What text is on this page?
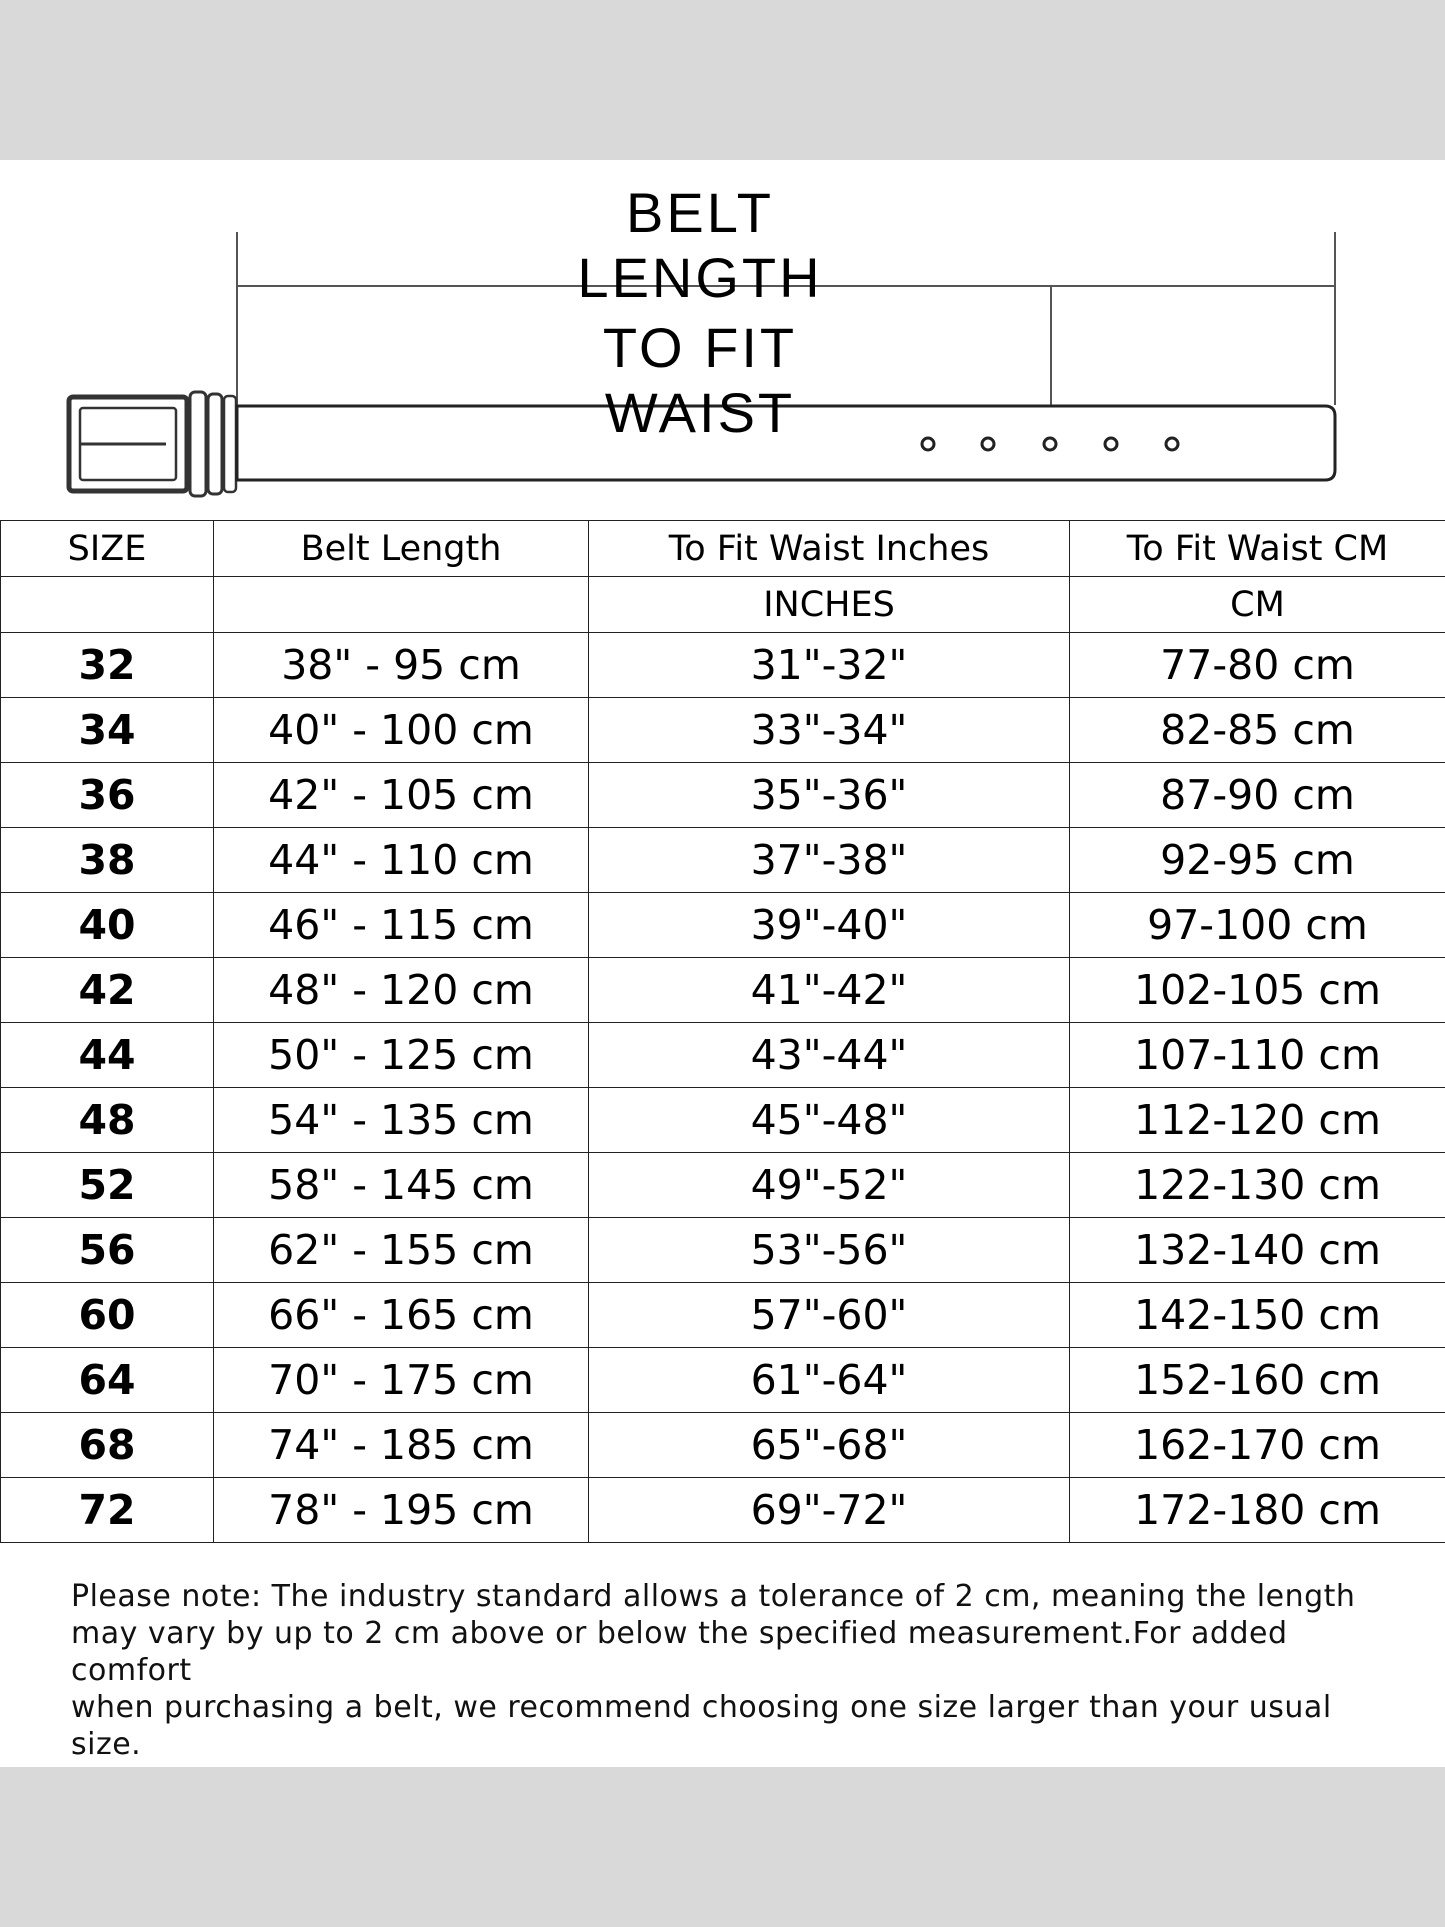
BELT LENGTH
TO FIT WAIST
SIZE	Belt Length	To Fit Waist Inches	To Fit Waist CM
		INCHES	CM
32	38" - 95 cm	31"-32"	77-80 cm
34	40" - 100 cm	33"-34"	82-85 cm
36	42" - 105 cm	35"-36"	87-90 cm
38	44" - 110 cm	37"-38"	92-95 cm
40	46" - 115 cm	39"-40"	97-100 cm
42	48" - 120 cm	41"-42"	102-105 cm
44	50" - 125 cm	43"-44"	107-110 cm
48	54" - 135 cm	45"-48"	112-120 cm
52	58" - 145 cm	49"-52"	122-130 cm
56	62" - 155 cm	53"-56"	132-140 cm
60	66" - 165 cm	57"-60"	142-150 cm
64	70" - 175 cm	61"-64"	152-160 cm
68	74" - 185 cm	65"-68"	162-170 cm
72	78" - 195 cm	69"-72"	172-180 cm
Please note: The industry standard allows a tolerance of 2 cm, meaning the length
may vary by up to 2 cm above or below the specified measurement.For added comfort
when purchasing a belt, we recommend choosing one size larger than your usual size.
